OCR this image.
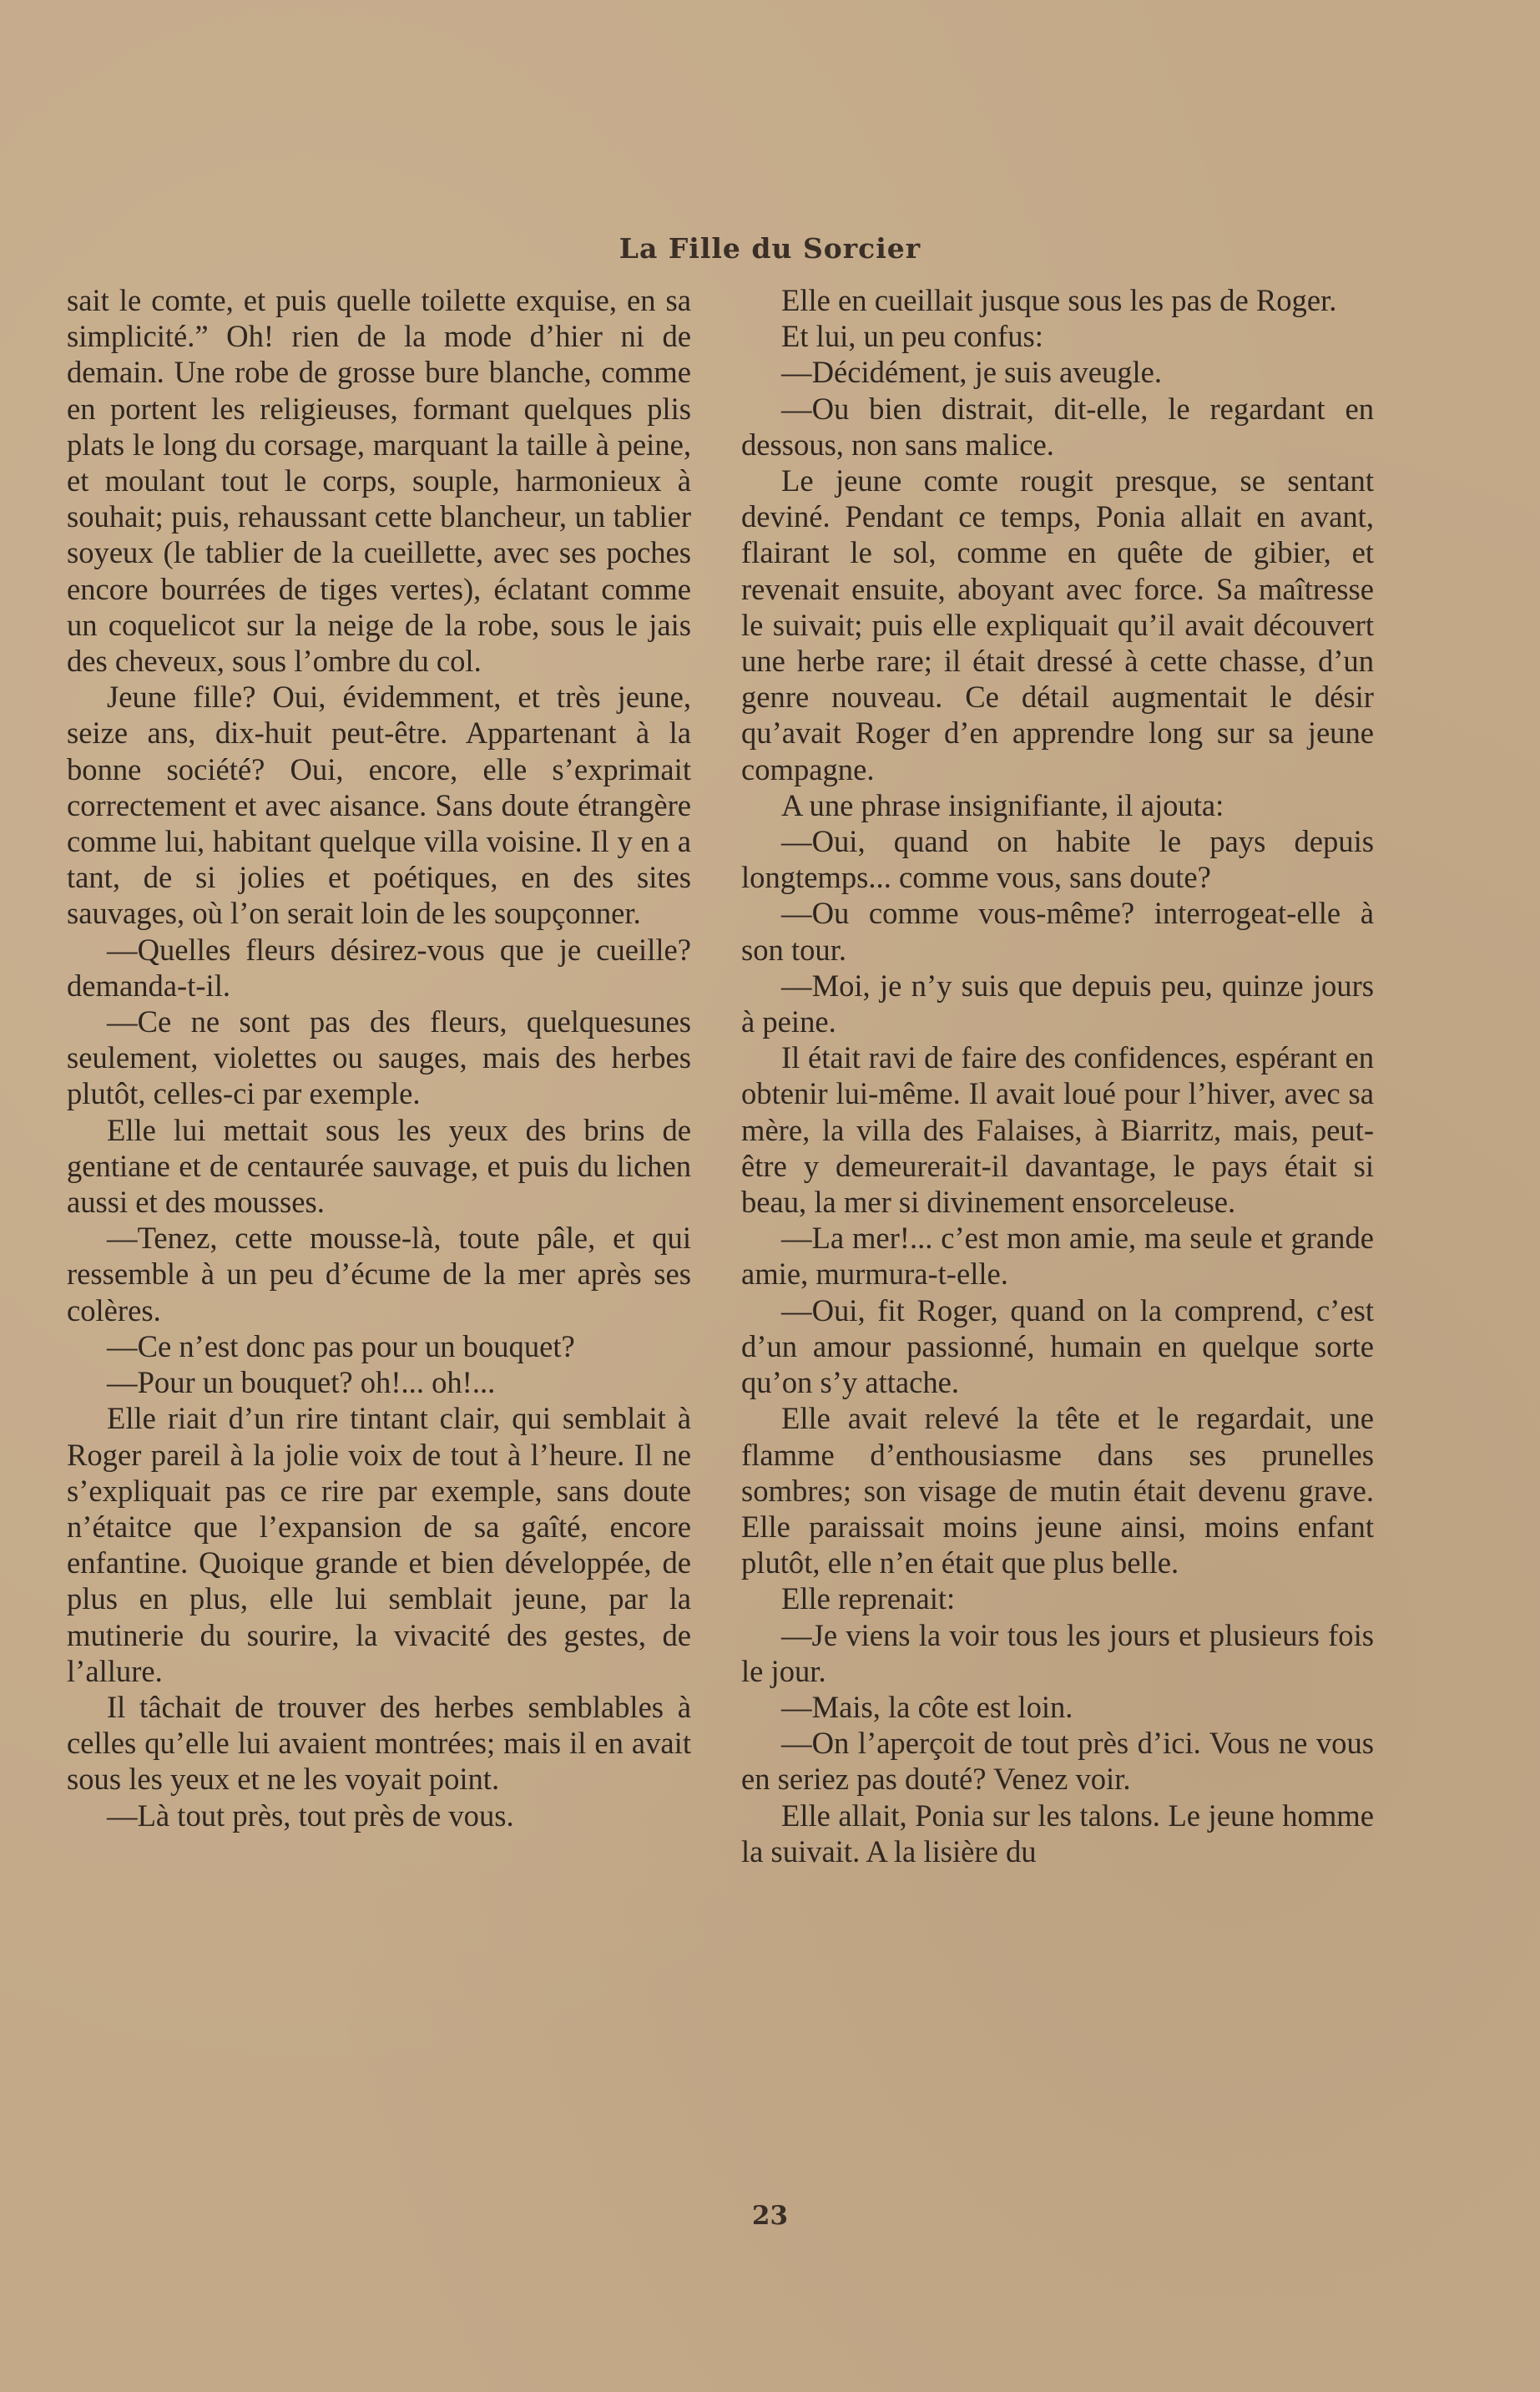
La Fille du Sorcier

sait le comte, et puis quelle toilette exquise, en sa simplicité.” Oh! rien de la mode d’hier ni de demain. Une robe de grosse bure blanche, comme en portent les religieuses, formant quelques plis plats le long du corsage, marquant la taille à peine, et moulant tout le corps, souple, harmonieux à souhait; puis, rehaussant cette blancheur, un tablier soyeux (le tablier de la cueillette, avec ses poches encore bourrées de tiges vertes), éclatant comme un coquelicot sur la neige de la robe, sous le jais des cheveux, sous l’ombre du col.

Jeune fille? Oui, évidemment, et très jeune, seize ans, dix-huit peut-être. Appartenant à la bonne société? Oui, encore, elle s’exprimait correctement et avec aisance. Sans doute étrangère comme lui, habitant quelque villa voisine. Il y en a tant, de si jolies et poétiques, en des sites sauvages, où l’on serait loin de les soupçonner.

—Quelles fleurs désirez-vous que je cueille? demanda-t-il.

—Ce ne sont pas des fleurs, quelquesunes seulement, violettes ou sauges, mais des herbes plutôt, celles-ci par exemple.

Elle lui mettait sous les yeux des brins de gentiane et de centaurée sauvage, et puis du lichen aussi et des mousses.

—Tenez, cette mousse-là, toute pâle, et qui ressemble à un peu d’écume de la mer après ses colères.

—Ce n’est donc pas pour un bouquet?

—Pour un bouquet? oh!... oh!...

Elle riait d’un rire tintant clair, qui semblait à Roger pareil à la jolie voix de tout à l’heure. Il ne s’expliquait pas ce rire par exemple, sans doute n’étaitce que l’expansion de sa gaîté, encore enfantine. Quoique grande et bien développée, de plus en plus, elle lui semblait jeune, par la mutinerie du sourire, la vivacité des gestes, de l’allure.

Il tâchait de trouver des herbes semblables à celles qu’elle lui avaient montrées; mais il en avait sous les yeux et ne les voyait point.

—Là tout près, tout près de vous.

Elle en cueillait jusque sous les pas de Roger.

Et lui, un peu confus:

—Décidément, je suis aveugle.

—Ou bien distrait, dit-elle, le regardant en dessous, non sans malice.

Le jeune comte rougit presque, se sentant deviné. Pendant ce temps, Ponia allait en avant, flairant le sol, comme en quête de gibier, et revenait ensuite, aboyant avec force. Sa maîtresse le suivait; puis elle expliquait qu’il avait découvert une herbe rare; il était dressé à cette chasse, d’un genre nouveau. Ce détail augmentait le désir qu’avait Roger d’en apprendre long sur sa jeune compagne.

A une phrase insignifiante, il ajouta:

—Oui, quand on habite le pays depuis longtemps... comme vous, sans doute?

—Ou comme vous-même? interrogeat-elle à son tour.

—Moi, je n’y suis que depuis peu, quinze jours à peine.

Il était ravi de faire des confidences, espérant en obtenir lui-même. Il avait loué pour l’hiver, avec sa mère, la villa des Falaises, à Biarritz, mais, peut-être y demeurerait-il davantage, le pays était si beau, la mer si divinement ensorceleuse.

—La mer!... c’est mon amie, ma seule et grande amie, murmura-t-elle.

—Oui, fit Roger, quand on la comprend, c’est d’un amour passionné, humain en quelque sorte qu’on s’y attache.

Elle avait relevé la tête et le regardait, une flamme d’enthousiasme dans ses prunelles sombres; son visage de mutin était devenu grave. Elle paraissait moins jeune ainsi, moins enfant plutôt, elle n’en était que plus belle.

Elle reprenait:

—Je viens la voir tous les jours et plusieurs fois le jour.

—Mais, la côte est loin.

—On l’aperçoit de tout près d’ici. Vous ne vous en seriez pas douté? Venez voir.

Elle allait, Ponia sur les talons. Le jeune homme la suivait. A la lisière du

23
